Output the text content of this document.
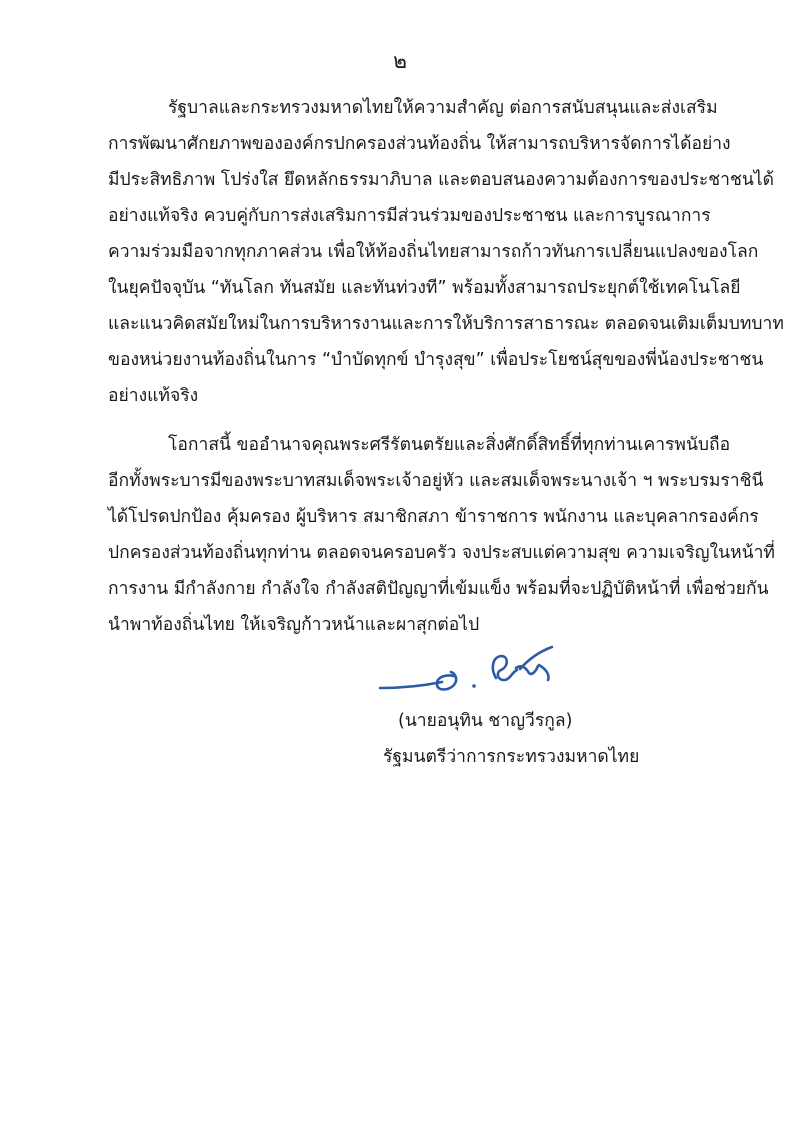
๒
รัฐบาลและกระทรวงมหาดไทยให้ความสำคัญ ต่อการสนับสนุนและส่งเสริม
การพัฒนาศักยภาพขององค์กรปกครองส่วนท้องถิ่น ให้สามารถบริหารจัดการได้อย่าง
มีประสิทธิภาพ โปร่งใส ยึดหลักธรรมาภิบาล และตอบสนองความต้องการของประชาชนได้
อย่างแท้จริง ควบคู่กับการส่งเสริมการมีส่วนร่วมของประชาชน และการบูรณาการ
ความร่วมมือจากทุกภาคส่วน เพื่อให้ท้องถิ่นไทยสามารถก้าวทันการเปลี่ยนแปลงของโลก
ในยุคปัจจุบัน “ทันโลก ทันสมัย และทันท่วงที” พร้อมทั้งสามารถประยุกต์ใช้เทคโนโลยี
และแนวคิดสมัยใหม่ในการบริหารงานและการให้บริการสาธารณะ ตลอดจนเติมเต็มบทบาท
ของหน่วยงานท้องถิ่นในการ “บำบัดทุกข์ บำรุงสุข” เพื่อประโยชน์สุขของพี่น้องประชาชน
อย่างแท้จริง
โอกาสนี้ ขออำนาจคุณพระศรีรัตนตรัยและสิ่งศักดิ์สิทธิ์ที่ทุกท่านเคารพนับถือ
อีกทั้งพระบารมีของพระบาทสมเด็จพระเจ้าอยู่หัว และสมเด็จพระนางเจ้า ฯ พระบรมราชินี
ได้โปรดปกป้อง คุ้มครอง ผู้บริหาร สมาชิกสภา ข้าราชการ พนักงาน และบุคลากรองค์กร
ปกครองส่วนท้องถิ่นทุกท่าน ตลอดจนครอบครัว จงประสบแต่ความสุข ความเจริญในหน้าที่
การงาน มีกำลังกาย กำลังใจ กำลังสติปัญญาที่เข้มแข็ง พร้อมที่จะปฏิบัติหน้าที่ เพื่อช่วยกัน
นำพาท้องถิ่นไทย ให้เจริญก้าวหน้าและผาสุกต่อไป
(นายอนุทิน ชาญวีรกูล)
รัฐมนตรีว่าการกระทรวงมหาดไทย
